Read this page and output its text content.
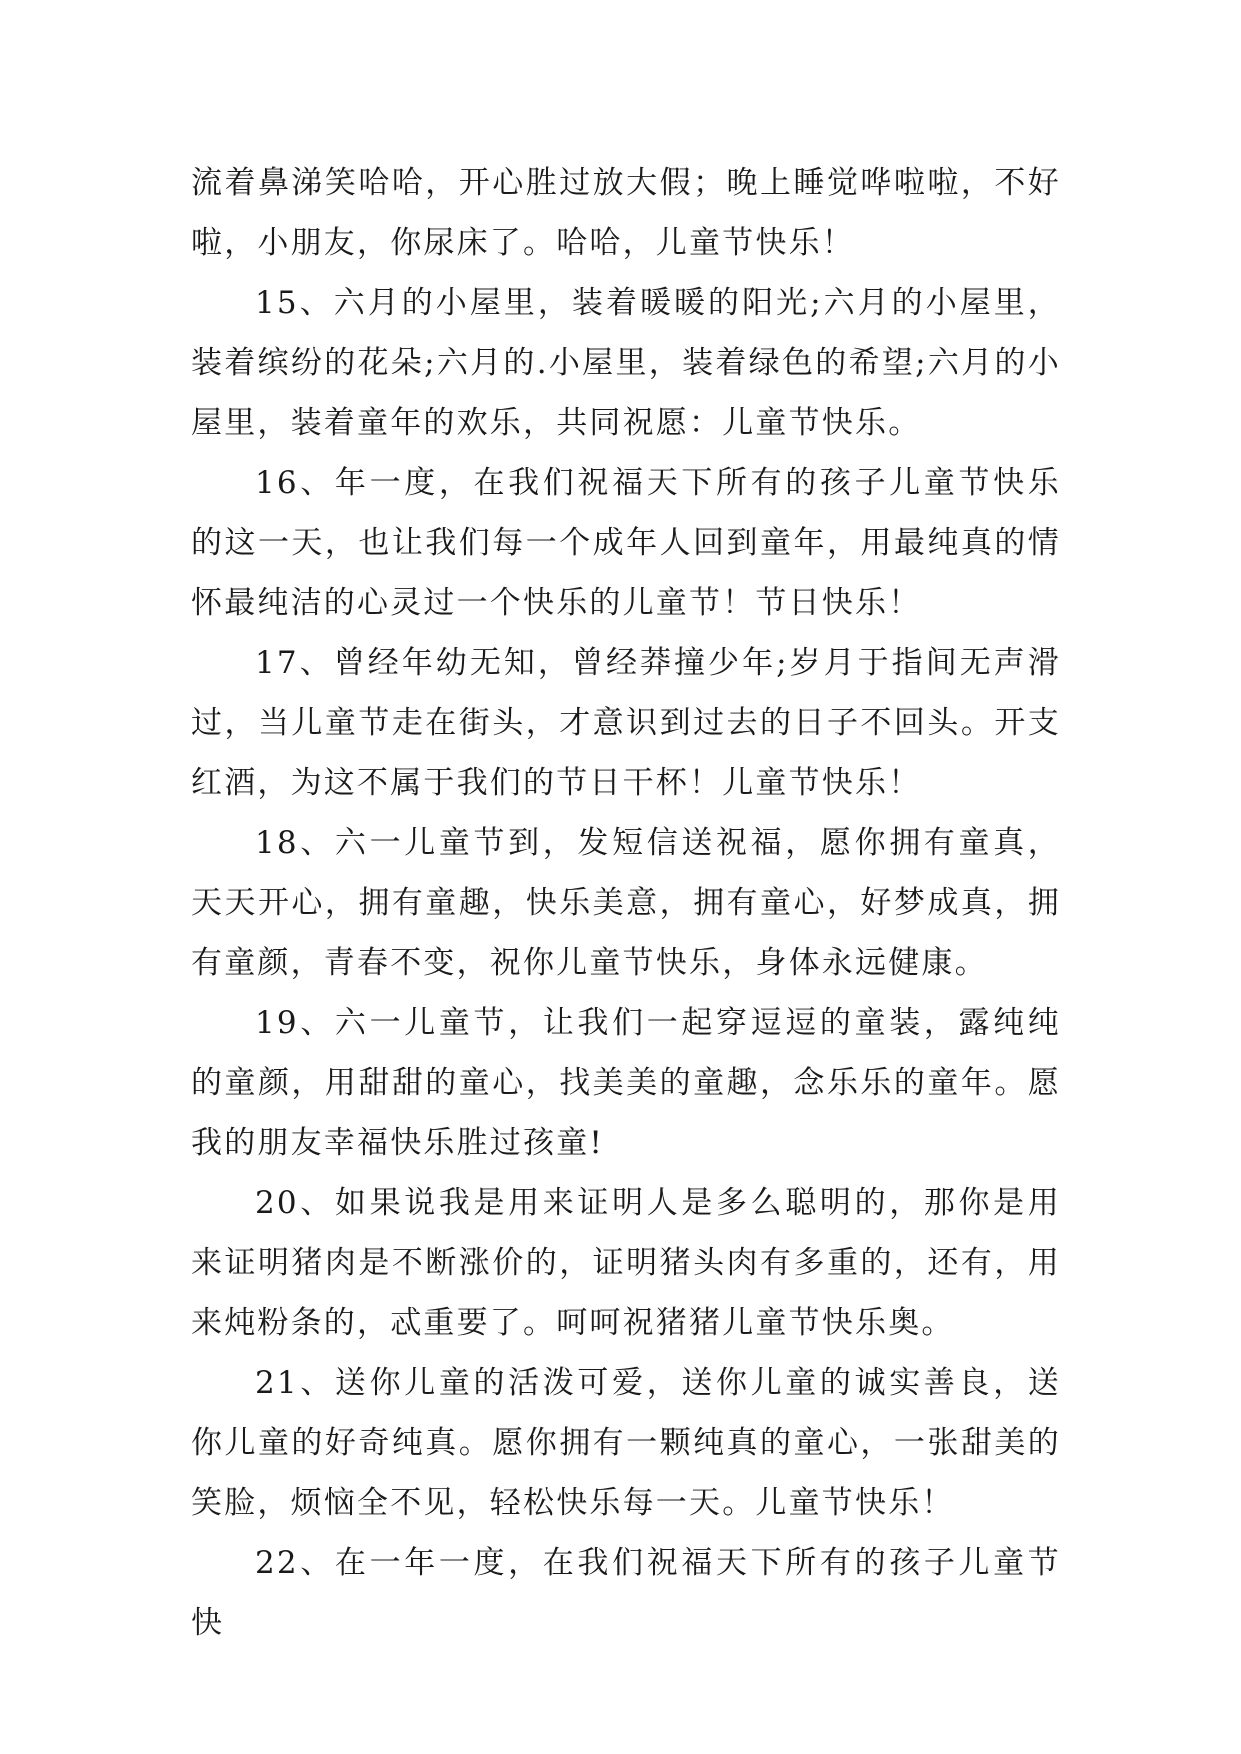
流着鼻涕笑哈哈，开心胜过放大假；晚上睡觉哗啦啦，不好啦，小朋友，你尿床了。哈哈，儿童节快乐！

15、六月的小屋里，装着暖暖的阳光;六月的小屋里，装着缤纷的花朵;六月的.小屋里，装着绿色的希望;六月的小屋里，装着童年的欢乐，共同祝愿：儿童节快乐。

16、年一度，在我们祝福天下所有的孩子儿童节快乐的这一天，也让我们每一个成年人回到童年，用最纯真的情怀最纯洁的心灵过一个快乐的儿童节！节日快乐！

17、曾经年幼无知，曾经莽撞少年;岁月于指间无声滑过，当儿童节走在街头，才意识到过去的日子不回头。开支红酒，为这不属于我们的节日干杯！儿童节快乐！

18、六一儿童节到，发短信送祝福，愿你拥有童真，天天开心，拥有童趣，快乐美意，拥有童心，好梦成真，拥有童颜，青春不变，祝你儿童节快乐，身体永远健康。

19、六一儿童节，让我们一起穿逗逗的童装，露纯纯的童颜，用甜甜的童心，找美美的童趣，念乐乐的童年。愿我的朋友幸福快乐胜过孩童!

20、如果说我是用来证明人是多么聪明的，那你是用来证明猪肉是不断涨价的，证明猪头肉有多重的，还有，用来炖粉条的，忒重要了。呵呵祝猪猪儿童节快乐奥。

21、送你儿童的活泼可爱，送你儿童的诚实善良，送你儿童的好奇纯真。愿你拥有一颗纯真的童心，一张甜美的笑脸，烦恼全不见，轻松快乐每一天。儿童节快乐！

22、在一年一度，在我们祝福天下所有的孩子儿童节快
